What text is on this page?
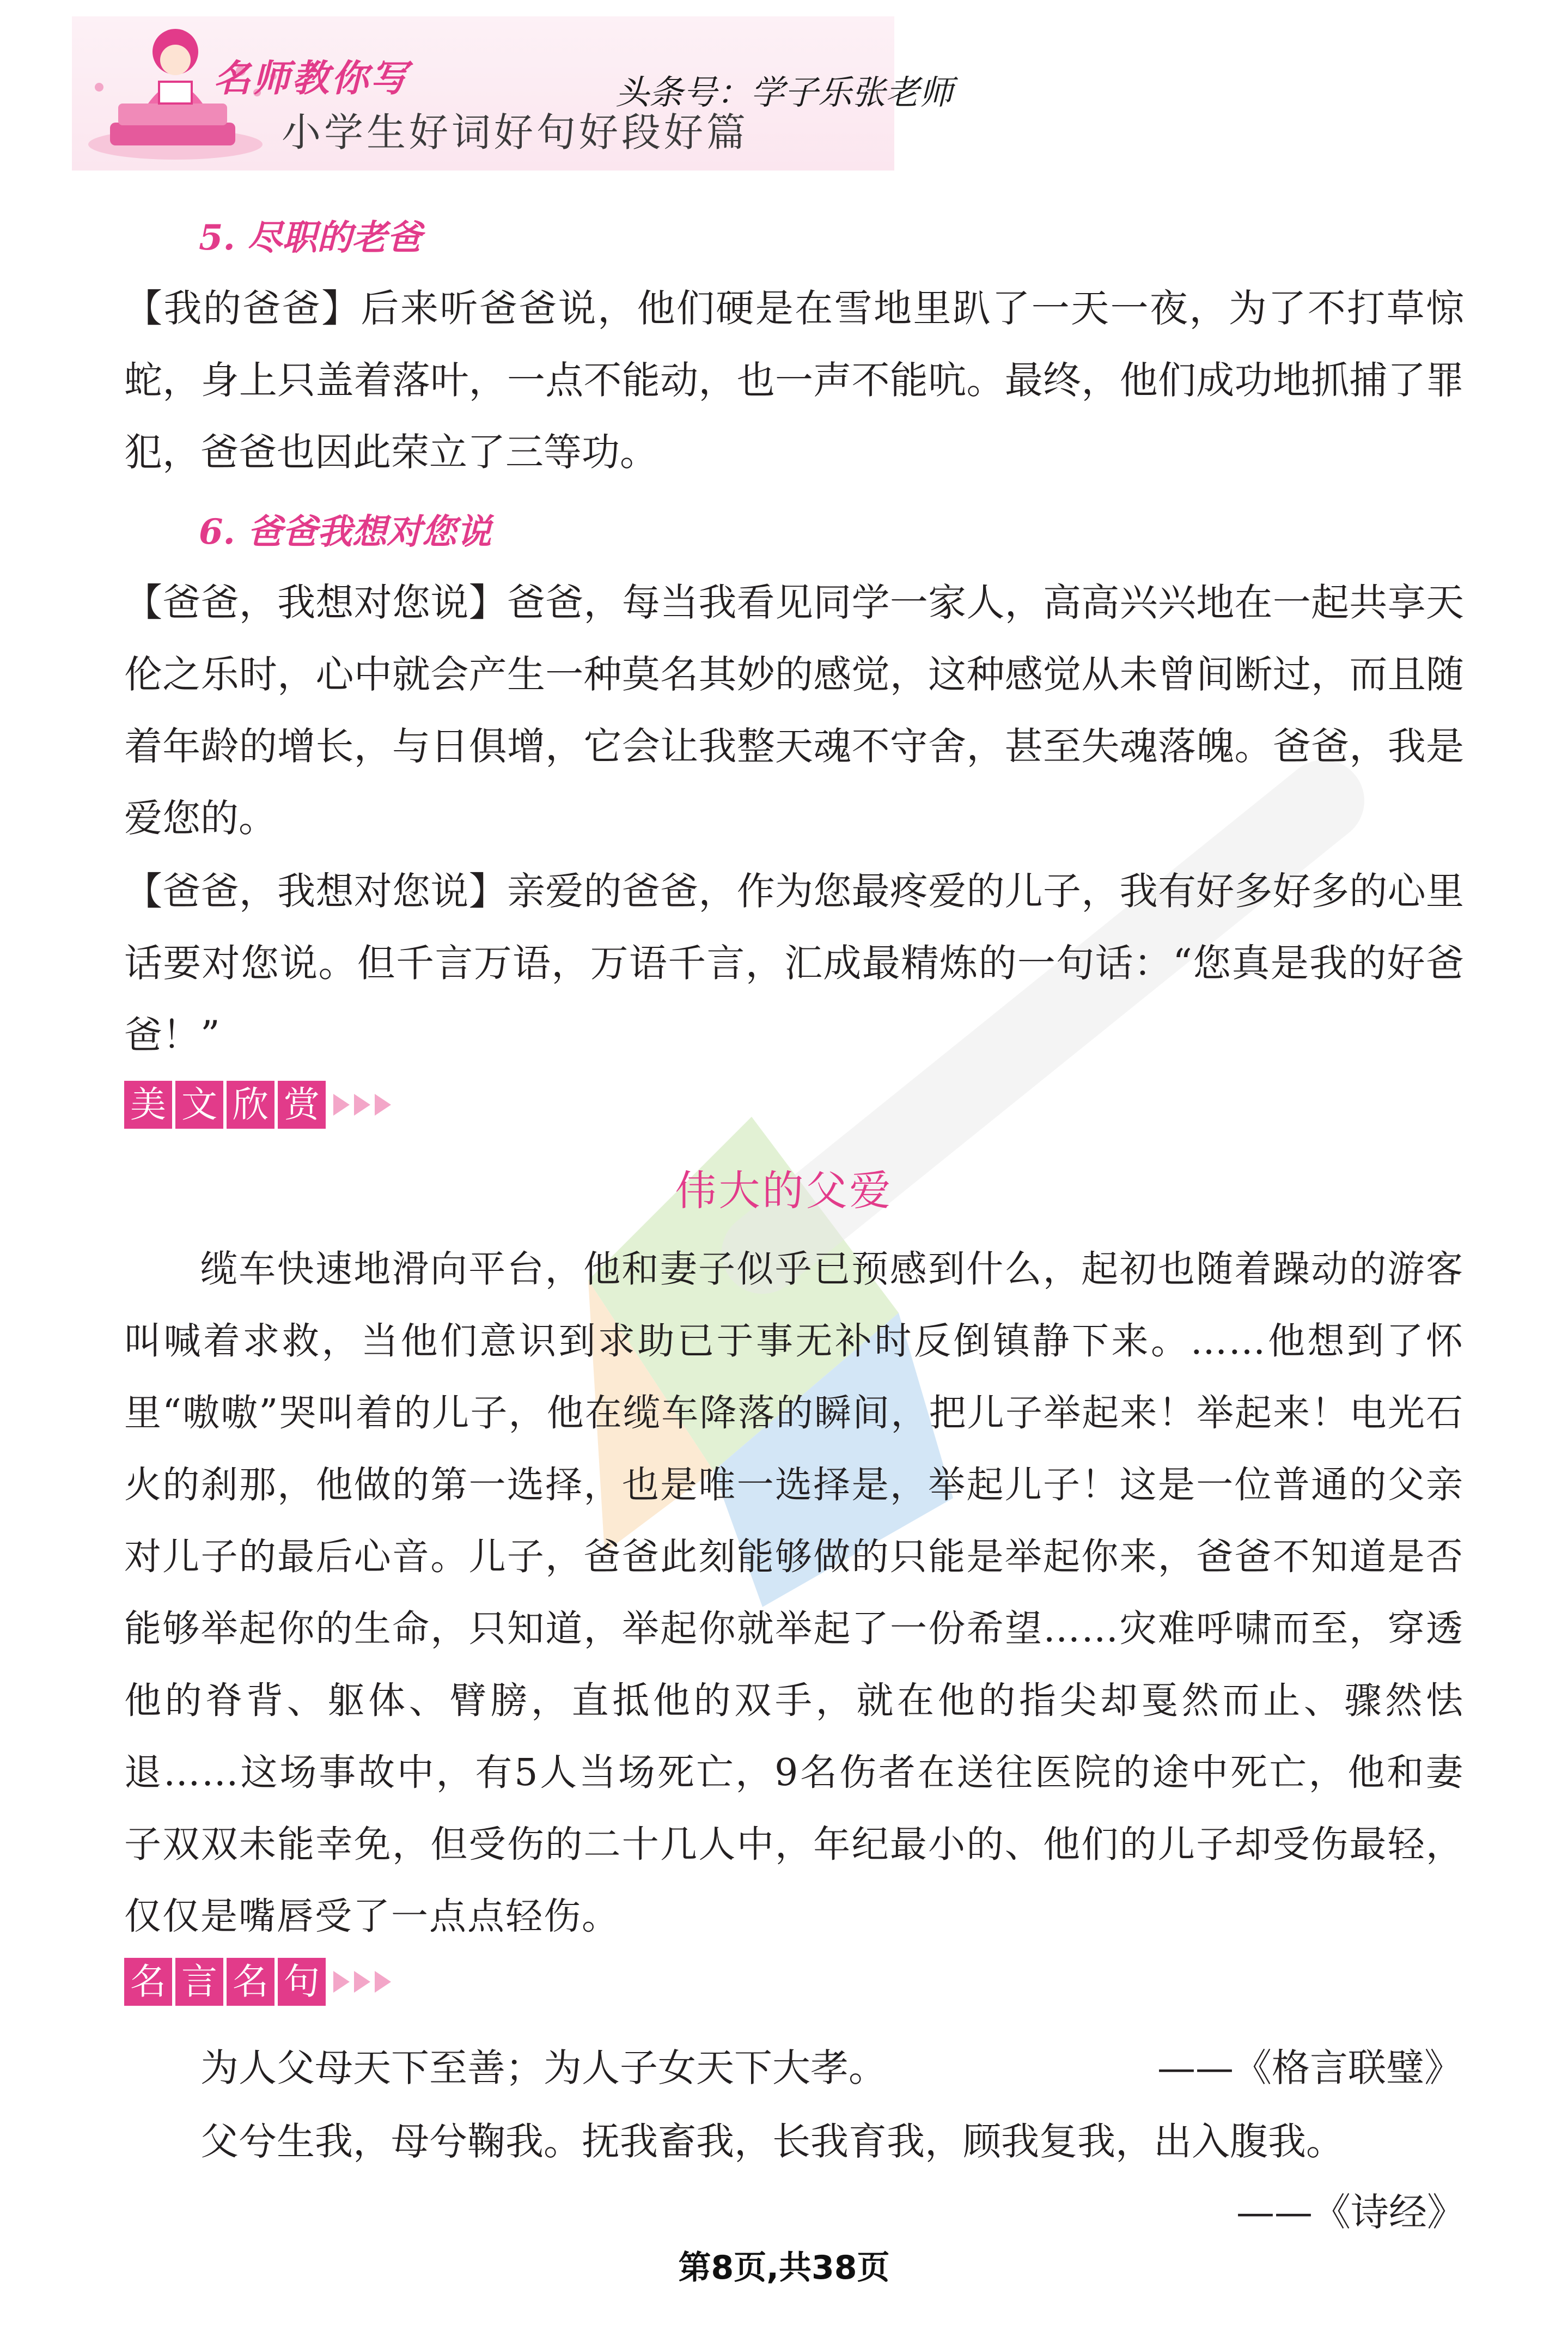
名师教你写
小学生好词好句好段好篇
头条号：学子乐张老师
5. 尽职的老爸
【我的爸爸】后来听爸爸说，他们硬是在雪地里趴了一天一夜，为了不打草惊蛇，身上只盖着落叶，一点不能动，也一声不能吭。最终，他们成功地抓捕了罪犯，爸爸也因此荣立了三等功。
6. 爸爸我想对您说
【爸爸，我想对您说】爸爸，每当我看见同学一家人，高高兴兴地在一起共享天伦之乐时，心中就会产生一种莫名其妙的感觉，这种感觉从未曾间断过，而且随着年龄的增长，与日俱增，它会让我整天魂不守舍，甚至失魂落魄。爸爸，我是爱您的。
【爸爸，我想对您说】亲爱的爸爸，作为您最疼爱的儿子，我有好多好多的心里话要对您说。但千言万语，万语千言，汇成最精炼的一句话：“您真是我的好爸爸！”
美 文 欣 赏
伟大的父爱
缆车快速地滑向平台，他和妻子似乎已预感到什么，起初也随着躁动的游客叫喊着求救，当他们意识到求助已于事无补时反倒镇静下来。……他想到了怀里“嗷嗷”哭叫着的儿子，他在缆车降落的瞬间，把儿子举起来！举起来！电光石火的刹那，他做的第一选择，也是唯一选择是，举起儿子！这是一位普通的父亲对儿子的最后心音。儿子，爸爸此刻能够做的只能是举起你来，爸爸不知道是否能够举起你的生命，只知道，举起你就举起了一份希望……灾难呼啸而至，穿透他的脊背、躯体、臂膀，直抵他的双手，就在他的指尖却戛然而止、骤然怯退……这场事故中，有5人当场死亡，9名伤者在送往医院的途中死亡，他和妻子双双未能幸免，但受伤的二十几人中，年纪最小的、他们的儿子却受伤最轻，仅仅是嘴唇受了一点点轻伤。
名 言 名 句
为人父母天下至善；为人子女天下大孝。	——《格言联璧》
父兮生我，母兮鞠我。抚我畜我，长我育我，顾我复我，出入腹我。
——《诗经》
第8页,共38页
